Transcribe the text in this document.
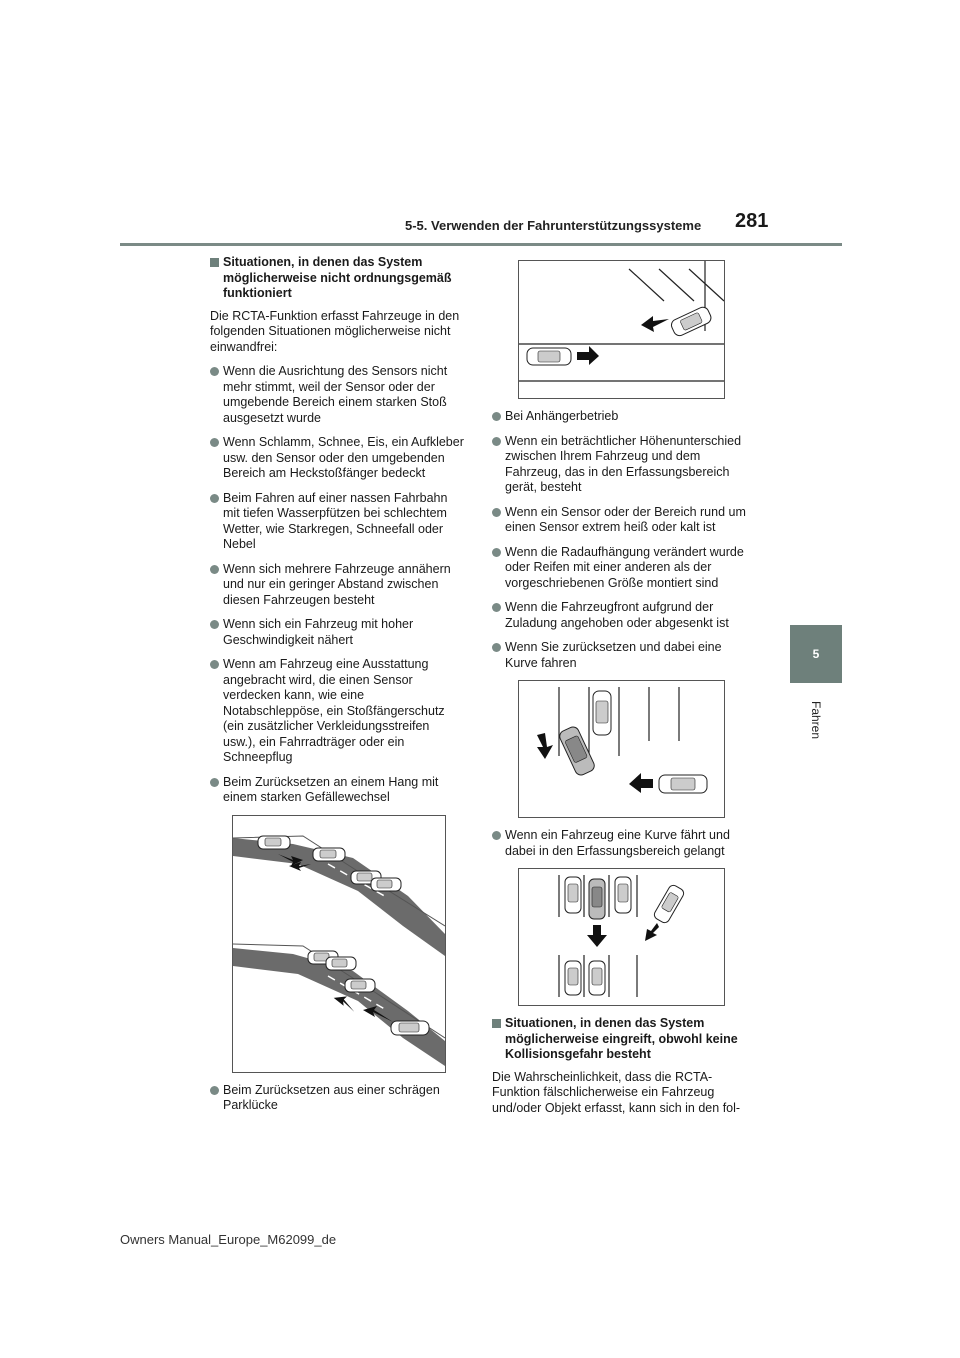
5-5. Verwenden der Fahrunterstützungssysteme 281
5
Fahren
Situationen, in denen das System möglicherweise nicht ordnungsgemäß funktioniert

Die RCTA-Funktion erfasst Fahrzeuge in den folgenden Situationen möglicherweise nicht einwandfrei:

Wenn die Ausrichtung des Sensors nicht mehr stimmt, weil der Sensor oder der umgebende Bereich einem starken Stoß ausgesetzt wurde
Wenn Schlamm, Schnee, Eis, ein Aufkleber usw. den Sensor oder den umgebenden Bereich am Heckstoßfänger bedeckt
Beim Fahren auf einer nassen Fahrbahn mit tiefen Wasserpfützen bei schlechtem Wetter, wie Starkregen, Schneefall oder Nebel
Wenn sich mehrere Fahrzeuge annähern und nur ein geringer Abstand zwischen diesen Fahrzeugen besteht
Wenn sich ein Fahrzeug mit hoher Geschwindigkeit nähert
Wenn am Fahrzeug eine Ausstattung angebracht wird, die einen Sensor verdecken kann, wie eine Notabschleppöse, ein Stoßfängerschutz (ein zusätzlicher Verkleidungsstreifen usw.), ein Fahrradträger oder ein Schneepflug
Beim Zurücksetzen an einem Hang mit einem starken Gefällewechsel
Beim Zurücksetzen aus einer schrägen Parklücke
Bei Anhängerbetrieb
Wenn ein beträchtlicher Höhenunterschied zwischen Ihrem Fahrzeug und dem Fahrzeug, das in den Erfassungsbereich gerät, besteht
Wenn ein Sensor oder der Bereich rund um einen Sensor extrem heiß oder kalt ist
Wenn die Radaufhängung verändert wurde oder Reifen mit einer anderen als der vorgeschriebenen Größe montiert sind
Wenn die Fahrzeugfront aufgrund der Zuladung angehoben oder abgesenkt ist
Wenn Sie zurücksetzen und dabei eine Kurve fahren
Wenn ein Fahrzeug eine Kurve fährt und dabei in den Erfassungsbereich gelangt
Situationen, in denen das System möglicherweise eingreift, obwohl keine Kollisionsgefahr besteht

Die Wahrscheinlichkeit, dass die RCTA-Funktion fälschlicherweise ein Fahrzeug und/oder Objekt erfasst, kann sich in den fol-

Owners Manual_Europe_M62099_de
